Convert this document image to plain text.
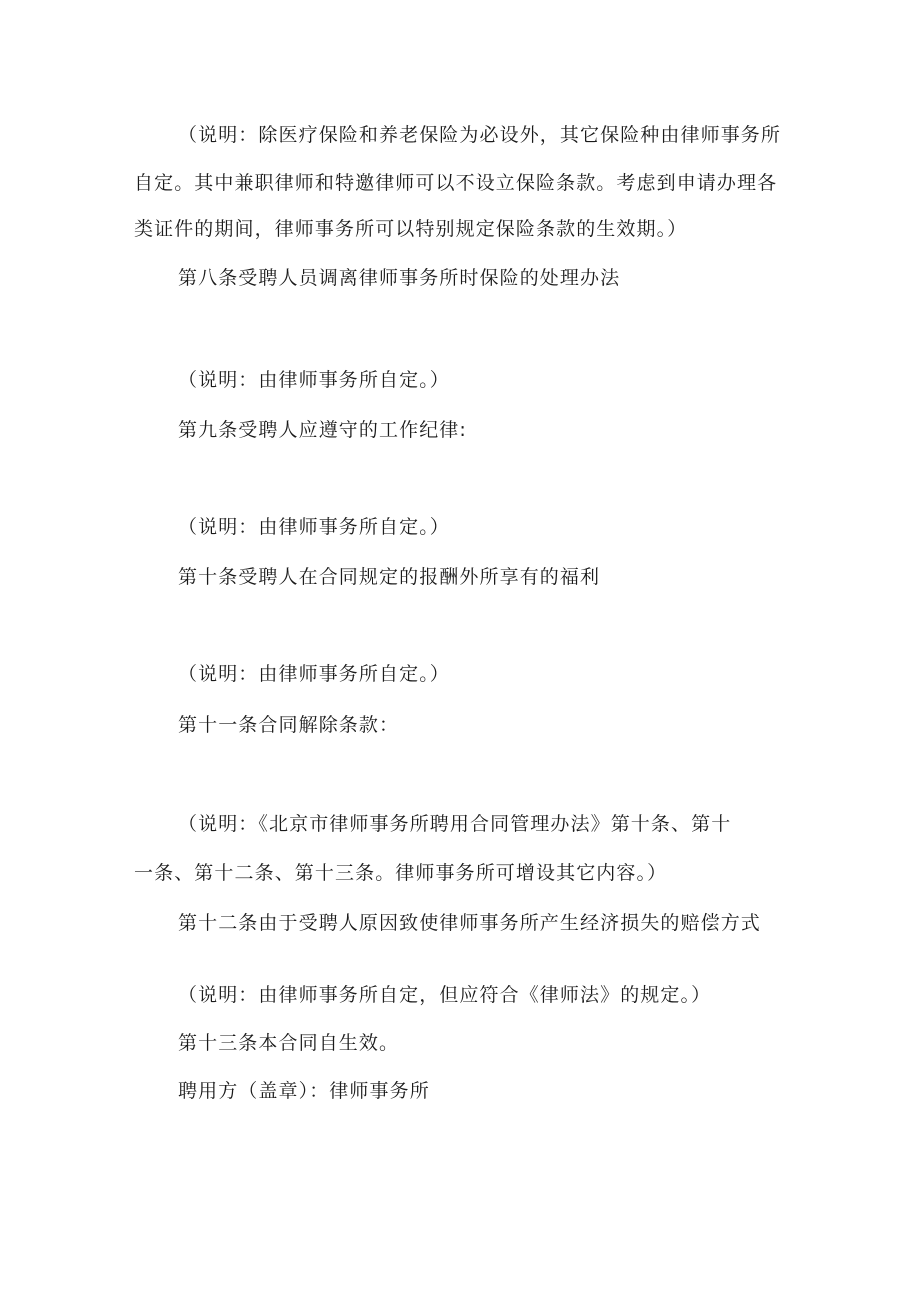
（说明：除医疗保险和养老保险为必设外，其它保险种由律师事务所
自定。其中兼职律师和特邀律师可以不设立保险条款。考虑到申请办理各
类证件的期间，律师事务所可以特别规定保险条款的生效期。）
第八条受聘人员调离律师事务所时保险的处理办法
（说明：由律师事务所自定。）
第九条受聘人应遵守的工作纪律:
（说明：由律师事务所自定。）
第十条受聘人在合同规定的报酬外所享有的福利
（说明：由律师事务所自定。）
第十一条合同解除条款：
（说明：《北京市律师事务所聘用合同管理办法》第十条、第十
一条、第十二条、第十三条。律师事务所可增设其它内容。）
第十二条由于受聘人原因致使律师事务所产生经济损失的赔偿方式
（说明：由律师事务所自定，但应符合《律师法》的规定。）
第十三条本合同自生效。
聘用方（盖章）：律师事务所
